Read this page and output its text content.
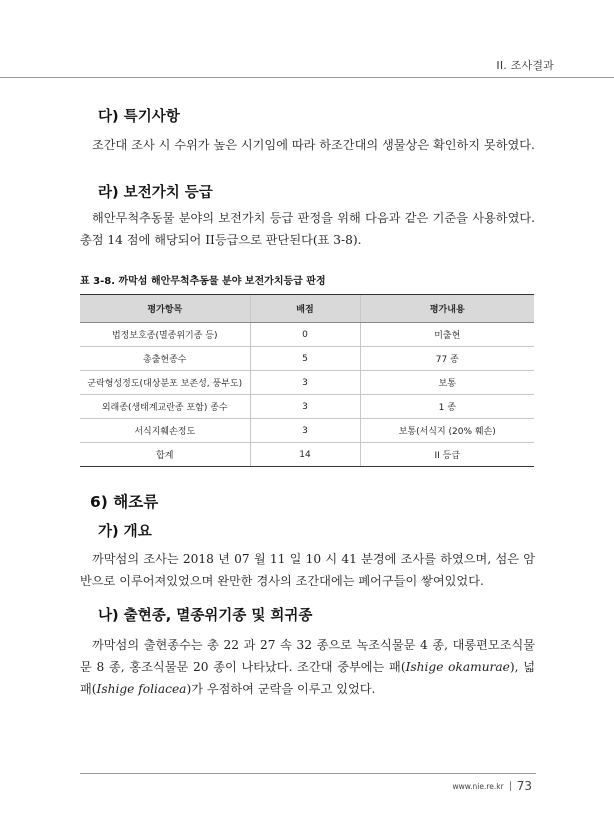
II. 조사결과
다) 특기사항

조간대 조사 시 수위가 높은 시기임에 따라 하조간대의 생물상은 확인하지 못하였다.

라) 보전가치 등급

해안무척추동물 분야의 보전가치 등급 판정을 위해 다음과 같은 기준을 사용하였다. 총점 14 점에 해당되어 II등급으로 판단된다(표 3-8).

표 3-8. 까막섬 해안무척추동물 분야 보전가치등급 판정
평가항목	배점	평가내용
법정보호종(멸종위기종 등)	0	미출현
총출현종수	5	77 종
군락형성정도(대상분포 보존성, 풍부도)	3	보통
외래종(생태계교란종 포함) 종수	3	1 종
서식지훼손정도	3	보통(서식지 (20% 훼손)
합계	14	II 등급
6) 해조류
가) 개요

까막섬의 조사는 2018 년 07 월 11 일 10 시 41 분경에 조사를 하였으며, 섬은 암반으로 이루어져있었으며 완만한 경사의 조간대에는 폐어구들이 쌓여있었다.

나) 출현종, 멸종위기종 및 희귀종

까막섬의 출현종수는 총 22 과 27 속 32 종으로 녹조식물문 4 종, 대롱편모조식물문 8 종, 홍조식물문 20 종이 나타났다. 조간대 중부에는 패(Ishige okamurae), 넓패(Ishige foliacea)가 우점하여 군락을 이루고 있었다.

www.nie.re.kr 73
